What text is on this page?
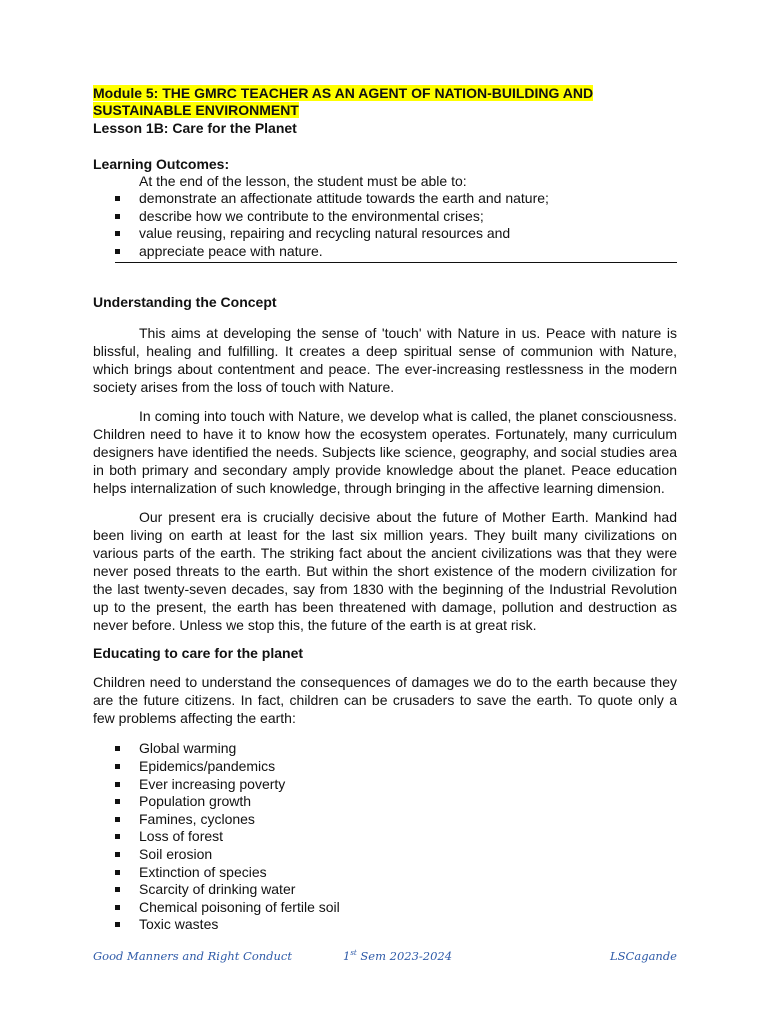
Module 5: THE GMRC TEACHER AS AN AGENT OF NATION-BUILDING AND
SUSTAINABLE ENVIRONMENT
Lesson 1B: Care for the Planet
Learning Outcomes:
At the end of the lesson, the student must be able to:
demonstrate an affectionate attitude towards the earth and nature;
describe how we contribute to the environmental crises;
value reusing, repairing and recycling natural resources and
appreciate peace with nature.
Understanding the Concept

This aims at developing the sense of 'touch' with Nature in us. Peace with nature is blissful, healing and fulfilling. It creates a deep spiritual sense of communion with Nature, which brings about contentment and peace. The ever-increasing restlessness in the modern society arises from the loss of touch with Nature.

In coming into touch with Nature, we develop what is called, the planet consciousness. Children need to have it to know how the ecosystem operates. Fortunately, many curriculum designers have identified the needs. Subjects like science, geography, and social studies area in both primary and secondary amply provide knowledge about the planet. Peace education helps internalization of such knowledge, through bringing in the affective learning dimension.

Our present era is crucially decisive about the future of Mother Earth. Mankind had been living on earth at least for the last six million years. They built many civilizations on various parts of the earth. The striking fact about the ancient civilizations was that they were never posed threats to the earth. But within the short existence of the modern civilization for the last twenty-seven decades, say from 1830 with the beginning of the Industrial Revolution up to the present, the earth has been threatened with damage, pollution and destruction as never before. Unless we stop this, the future of the earth is at great risk.

Educating to care for the planet

Children need to understand the consequences of damages we do to the earth because they are the future citizens. In fact, children can be crusaders to save the earth. To quote only a few problems affecting the earth:

Global warming
Epidemics/pandemics
Ever increasing poverty
Population growth
Famines, cyclones
Loss of forest
Soil erosion
Extinction of species
Scarcity of drinking water
Chemical poisoning of fertile soil
Toxic wastes
Good Manners and Right Conduct	1st Sem 2023-2024	LSCagande
